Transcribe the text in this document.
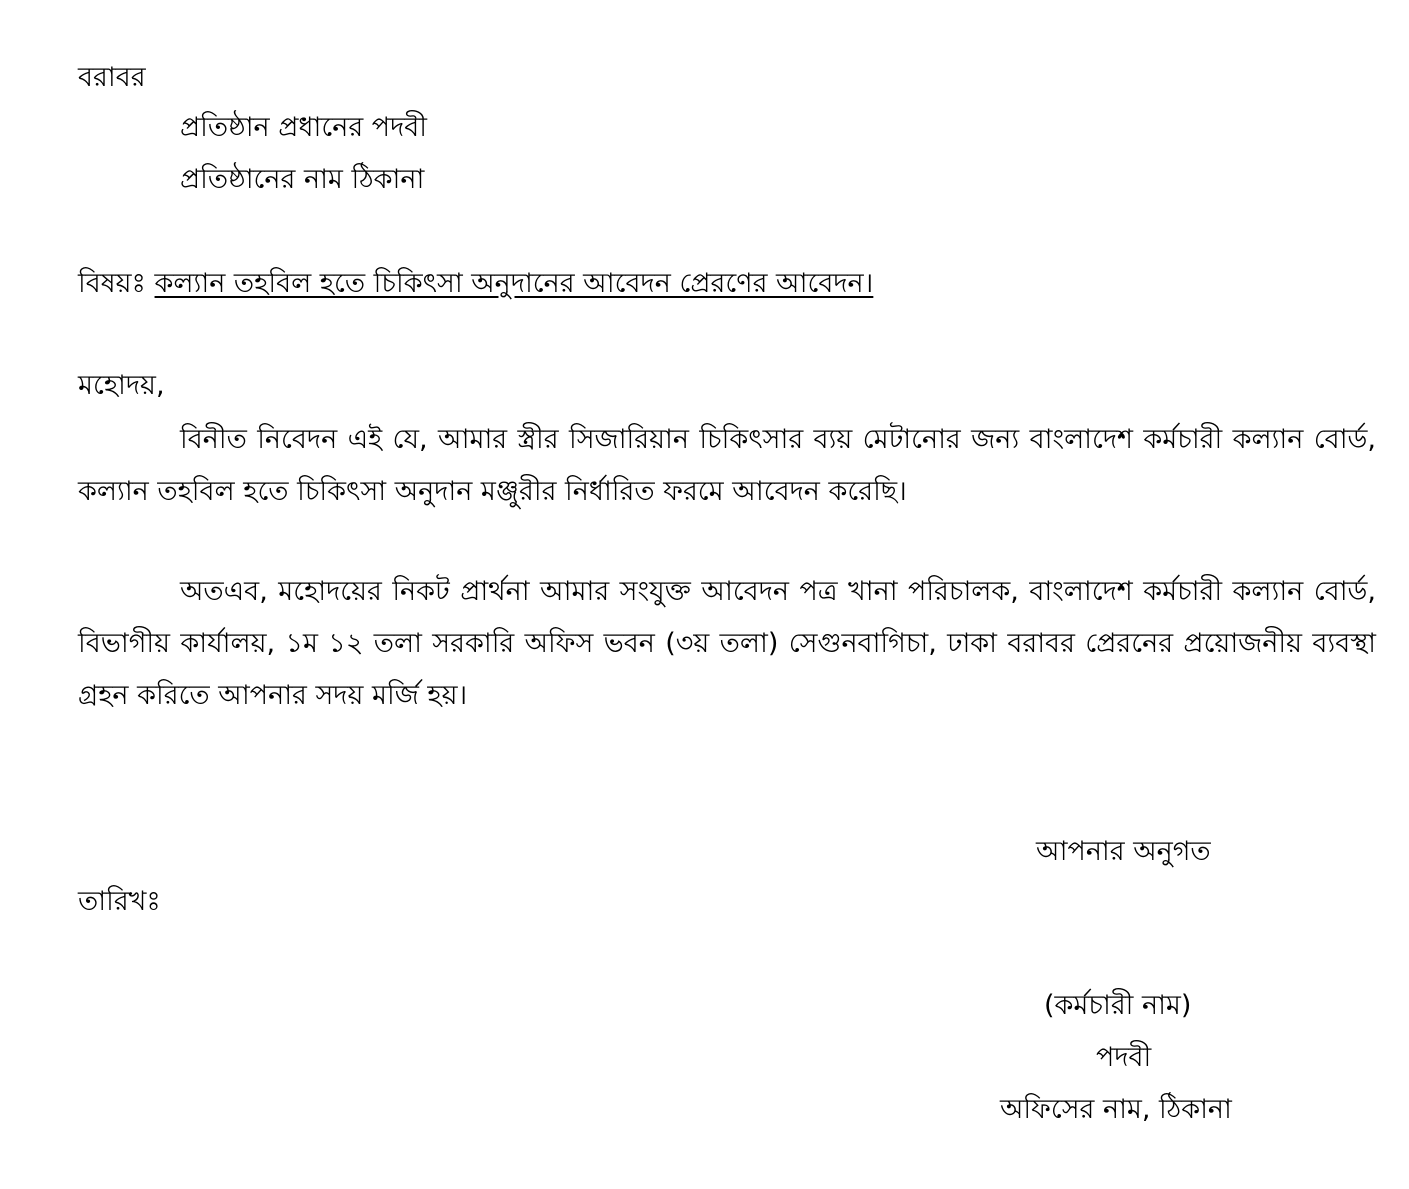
বরাবর
প্রতিষ্ঠান প্রধানের পদবী
প্রতিষ্ঠানের নাম ঠিকানা
বিষয়ঃ কল্যান তহবিল হতে চিকিৎসা অনুদানের আবেদন প্রেরণের আবেদন।
মহোদয়,

বিনীত নিবেদন এই যে, আমার স্ত্রীর সিজারিয়ান চিকিৎসার ব্যয় মেটানোর জন্য বাংলাদেশ কর্মচারী কল্যান বোর্ড, কল্যান তহবিল হতে চিকিৎসা অনুদান মঞ্জুরীর নির্ধারিত ফরমে আবেদন করেছি।

অতএব, মহোদয়ের নিকট প্রার্থনা আমার সংযুক্ত আবেদন পত্র খানা পরিচালক, বাংলাদেশ কর্মচারী কল্যান বোর্ড, বিভাগীয় কার্যালয়, ১ম ১২ তলা সরকারি অফিস ভবন (৩য় তলা) সেগুনবাগিচা, ঢাকা বরাবর প্রেরনের প্রয়োজনীয় ব্যবস্থা গ্রহন করিতে আপনার সদয় মর্জি হয়।

আপনার অনুগত
তারিখঃ
(কর্মচারী নাম)
পদবী
অফিসের নাম, ঠিকানা
